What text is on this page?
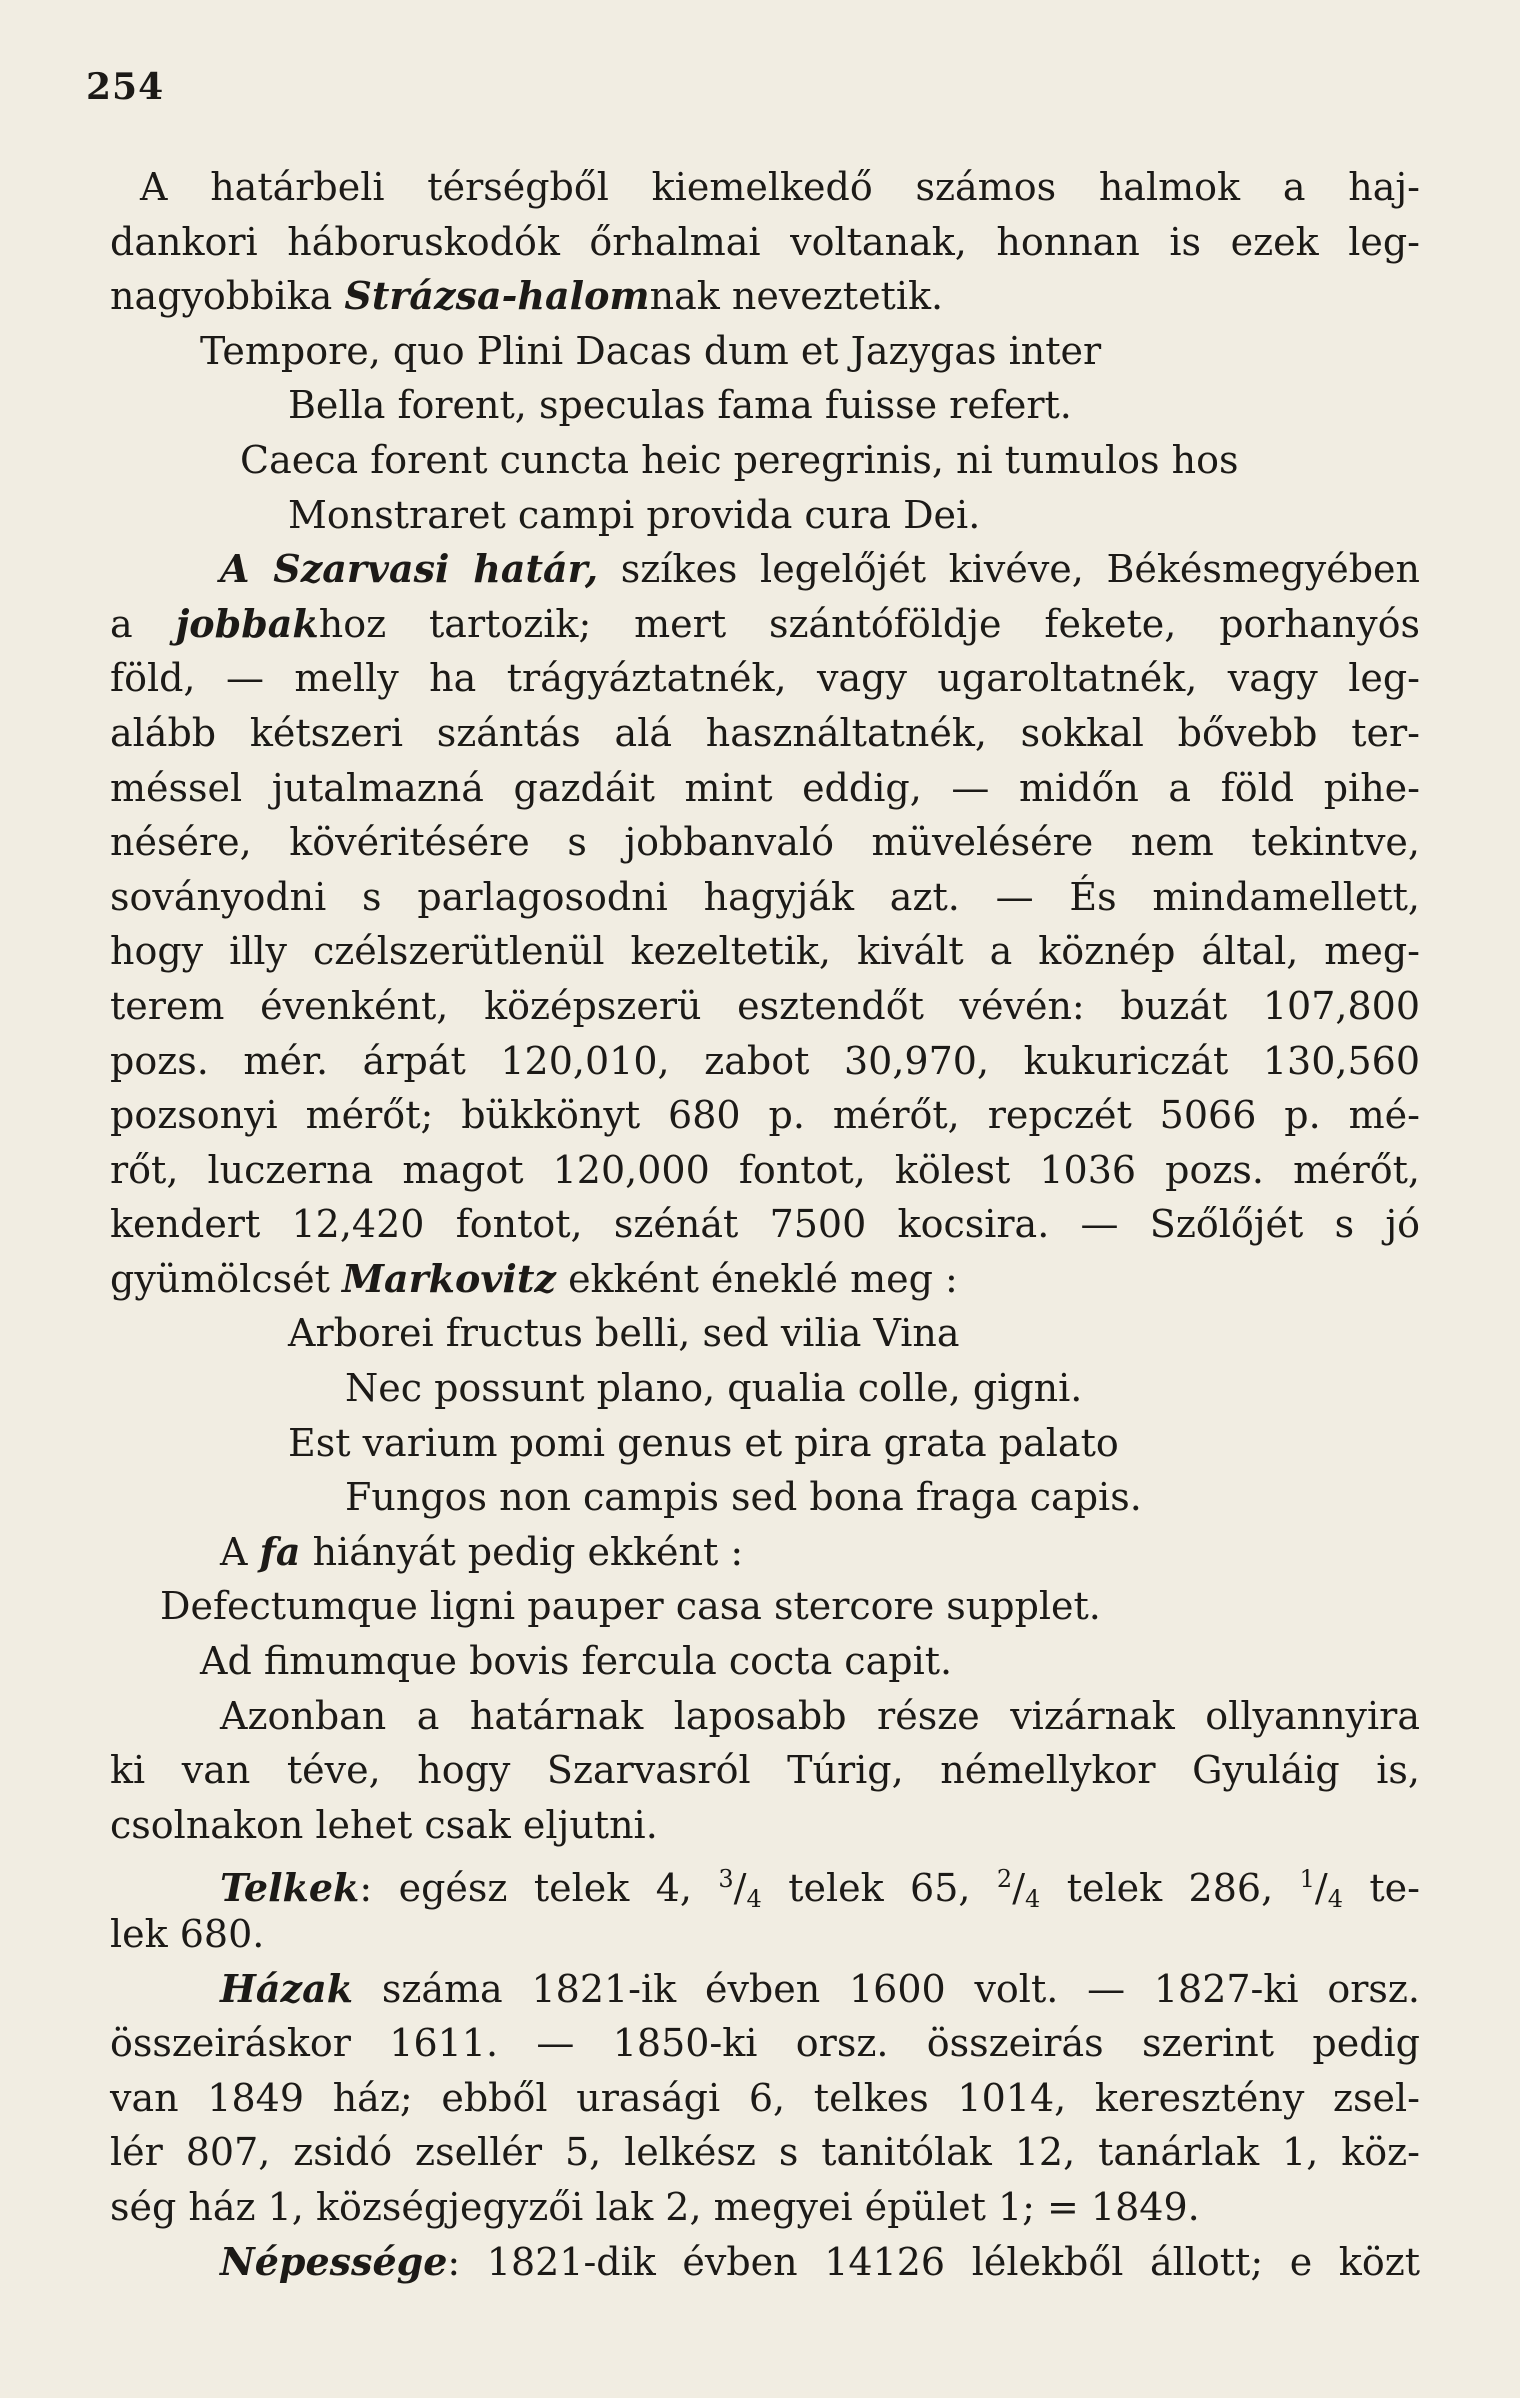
254
A határbeli térségből kiemelkedő számos halmok a haj-
dankori háboruskodók őrhalmai voltanak, honnan is ezek leg-
nagyobbika Strázsa-halomnak neveztetik.
Tempore, quo Plini Dacas dum et Jazygas inter
Bella forent, speculas fama fuisse refert.
Caeca forent cuncta heic peregrinis, ni tumulos hos
Monstraret campi provida cura Dei.
A Szarvasi határ, szíkes legelőjét kivéve, Békésmegyében
a jobbakhoz tartozik; mert szántóföldje fekete, porhanyós
föld, — melly ha trágyáztatnék, vagy ugaroltatnék, vagy leg-
alább kétszeri szántás alá használtatnék, sokkal bővebb ter-
méssel jutalmazná gazdáit mint eddig, — midőn a föld pihe-
nésére, kövéritésére s jobbanvaló müvelésére nem tekintve,
soványodni s parlagosodni hagyják azt. — És mindamellett,
hogy illy czélszerütlenül kezeltetik, kivált a köznép által, meg-
terem évenként, középszerü esztendőt vévén: buzát 107,800
pozs. mér. árpát 120,010, zabot 30,970, kukuriczát 130,560
pozsonyi mérőt; bükkönyt 680 p. mérőt, repczét 5066 p. mé-
rőt, luczerna magot 120,000 fontot, kölest 1036 pozs. mérőt,
kendert 12,420 fontot, szénát 7500 kocsira. — Szőlőjét s jó
gyümölcsét Markovitz ekként éneklé meg :
Arborei fructus belli, sed vilia Vina
Nec possunt plano, qualia colle, gigni.
Est varium pomi genus et pira grata palato
Fungos non campis sed bona fraga capis.
A fa hiányát pedig ekként :
Defectumque ligni pauper casa stercore supplet.
Ad fimumque bovis fercula cocta capit.
Azonban a határnak laposabb része vizárnak ollyannyira
ki van téve, hogy Szarvasról Túrig, némellykor Gyuláig is,
csolnakon lehet csak eljutni.
Telkek: egész telek 4, $^3/_4$ telek 65, $^2/_4$ telek 286, $^1/_4$ te-
lek 680.
Házak száma 1821-ik évben 1600 volt. — 1827-ki orsz.
összeiráskor 1611. — 1850-ki orsz. összeirás szerint pedig
van 1849 ház; ebből urasági 6, telkes 1014, keresztény zsel-
lér 807, zsidó zsellér 5, lelkész s tanitólak 12, tanárlak 1, köz-
ség ház 1, községjegyzői lak 2, megyei épület 1; = 1849.
Népessége: 1821-dik évben 14126 lélekből állott; e közt
